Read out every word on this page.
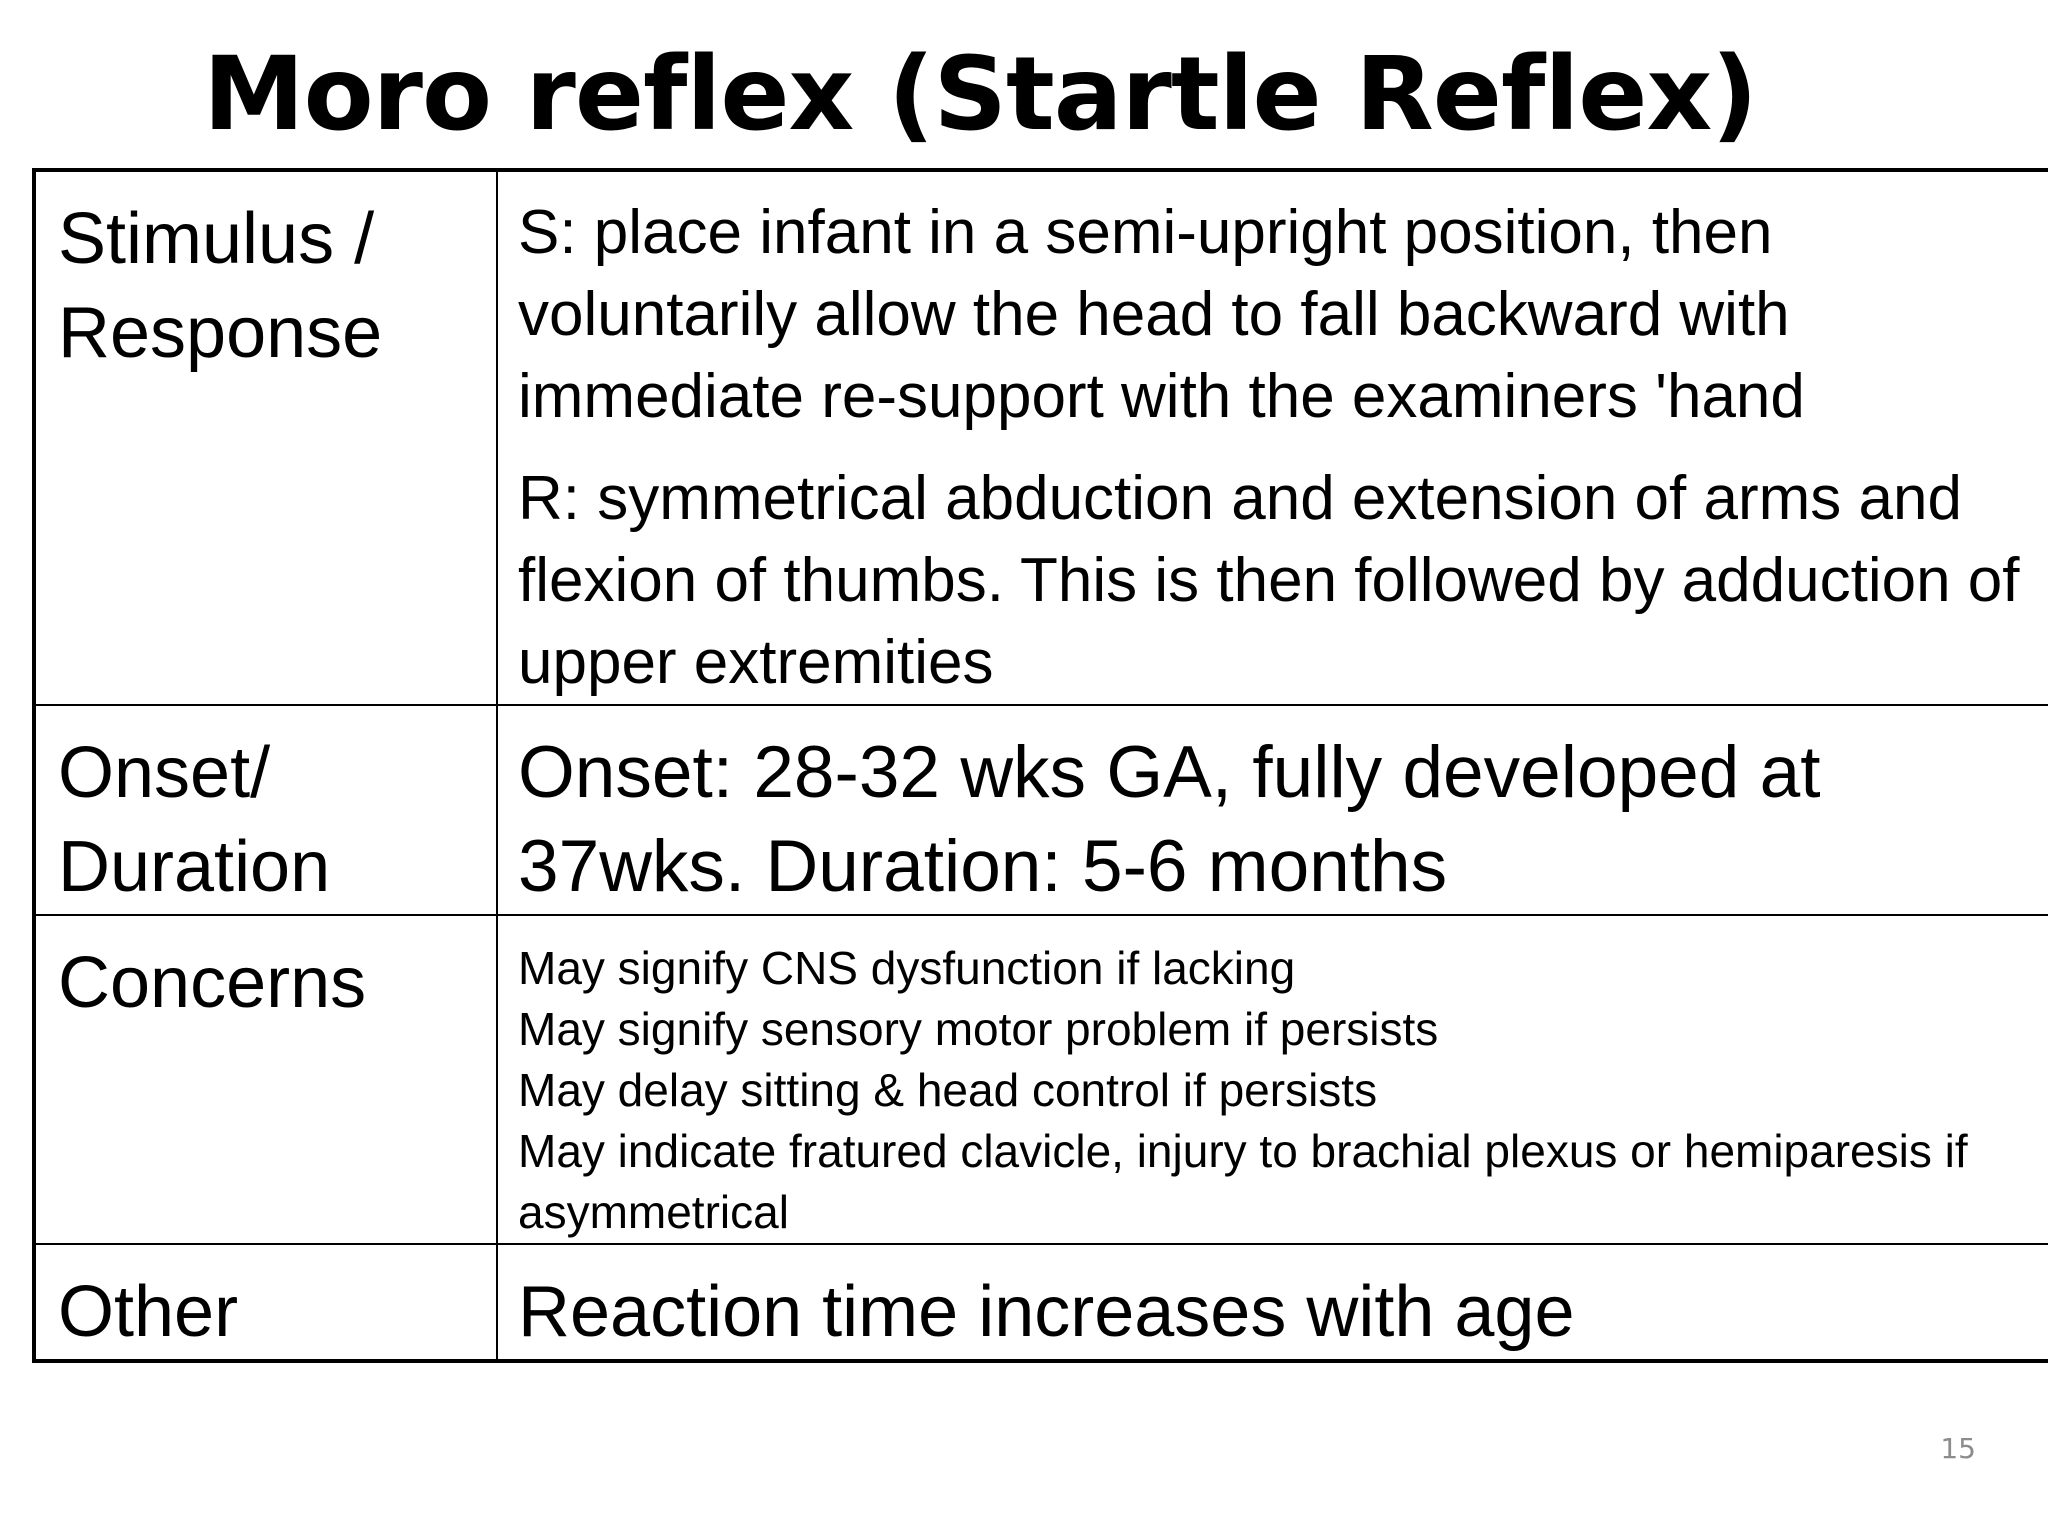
Moro reflex (Startle Reflex)
Stimulus / Response	S: place infant in a semi-upright position, then voluntarily allow the head to fall backward with immediate re-support with the examiners 'hand

R: symmetrical abduction and extension of arms and flexion of thumbs. This is then followed by adduction of upper extremities

Onset/ Duration	Onset: 28-32 wks GA, fully developed at 37wks. Duration: 5-6 months

Concerns	May signify CNS dysfunction if lacking
May signify sensory motor problem if persists
May delay sitting & head control if persists
May indicate fratured clavicle, injury to brachial plexus or hemiparesis if asymmetrical

Other	Reaction time increases with age
15
